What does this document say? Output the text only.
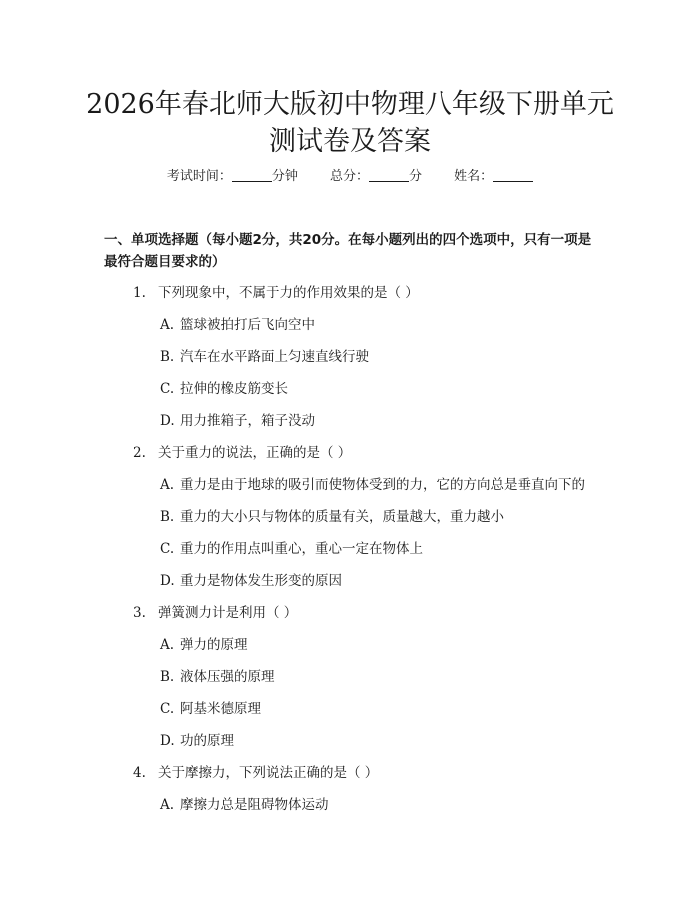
2026年春北师大版初中物理八年级下册单元
测试卷及答案
考试时间：	分钟 总分：	分 姓名：
一、单项选择题（每小题2分，共20分。在每小题列出的四个选项中，只有一项是最符合题目要求的）
1. 下列现象中，不属于力的作用效果的是（ ）
A. 篮球被拍打后飞向空中
B. 汽车在水平路面上匀速直线行驶
C. 拉伸的橡皮筋变长
D. 用力推箱子，箱子没动
2. 关于重力的说法，正确的是（ ）
A. 重力是由于地球的吸引而使物体受到的力，它的方向总是垂直向下的
B. 重力的大小只与物体的质量有关，质量越大，重力越小
C. 重力的作用点叫重心，重心一定在物体上
D. 重力是物体发生形变的原因
3. 弹簧测力计是利用（ ）
A. 弹力的原理
B. 液体压强的原理
C. 阿基米德原理
D. 功的原理
4. 关于摩擦力，下列说法正确的是（ ）
A. 摩擦力总是阻碍物体运动
